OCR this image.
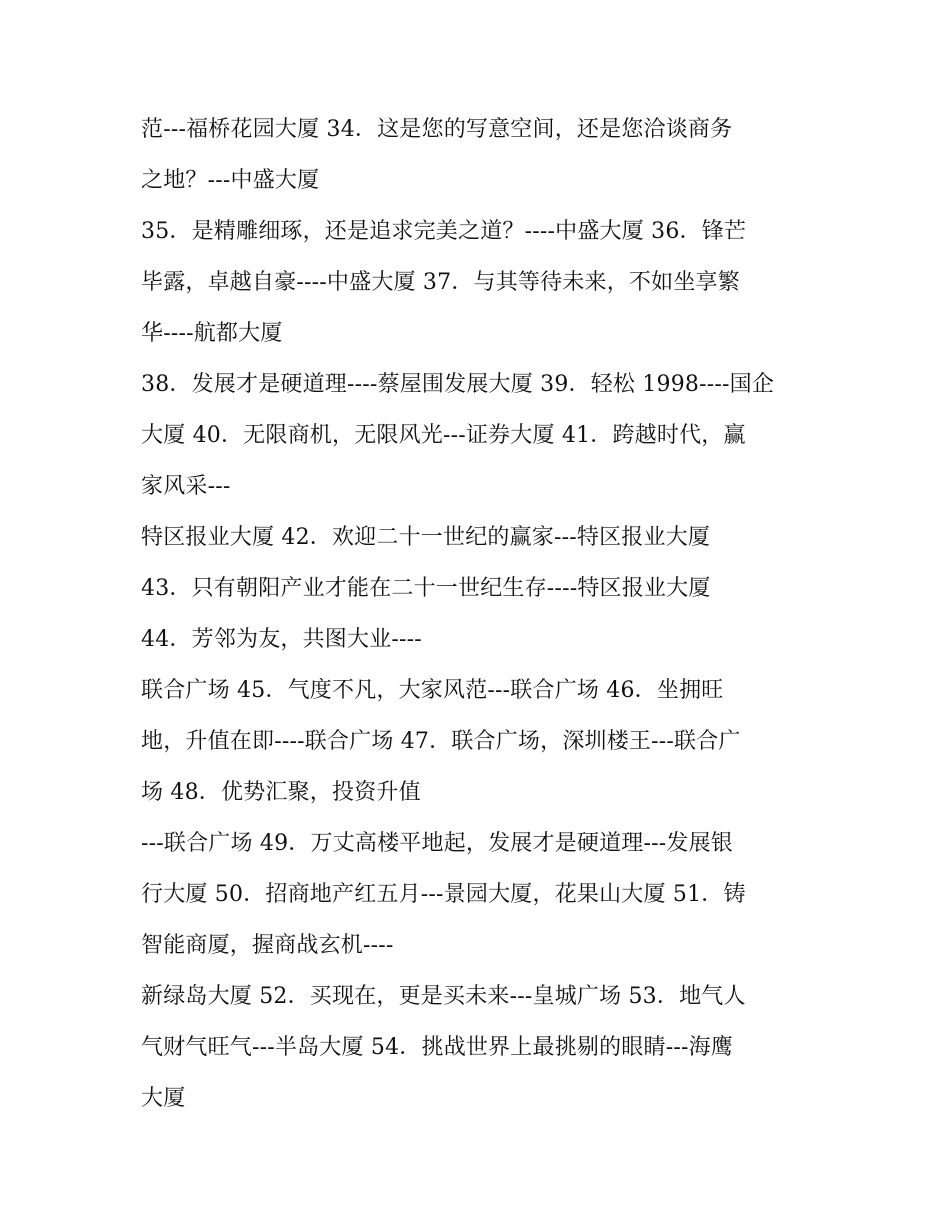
范---福桥花园大厦 34．这是您的写意空间，还是您洽谈商务
之地？---中盛大厦
35．是精雕细琢，还是追求完美之道？----中盛大厦 36．锋芒
毕露，卓越自豪----中盛大厦 37．与其等待未来，不如坐享繁
华----航都大厦
38．发展才是硬道理----蔡屋围发展大厦 39．轻松 1998----国企
大厦 40．无限商机，无限风光---证券大厦 41．跨越时代，赢
家风采---
特区报业大厦 42．欢迎二十一世纪的赢家---特区报业大厦
43．只有朝阳产业才能在二十一世纪生存----特区报业大厦
44．芳邻为友，共图大业----
联合广场 45．气度不凡，大家风范---联合广场 46．坐拥旺
地，升值在即----联合广场 47．联合广场，深圳楼王---联合广
场 48．优势汇聚，投资升值
---联合广场 49．万丈高楼平地起，发展才是硬道理---发展银
行大厦 50．招商地产红五月---景园大厦，花果山大厦 51．铸
智能商厦，握商战玄机----
新绿岛大厦 52．买现在，更是买未来---皇城广场 53．地气人
气财气旺气---半岛大厦 54．挑战世界上最挑剔的眼睛---海鹰
大厦
